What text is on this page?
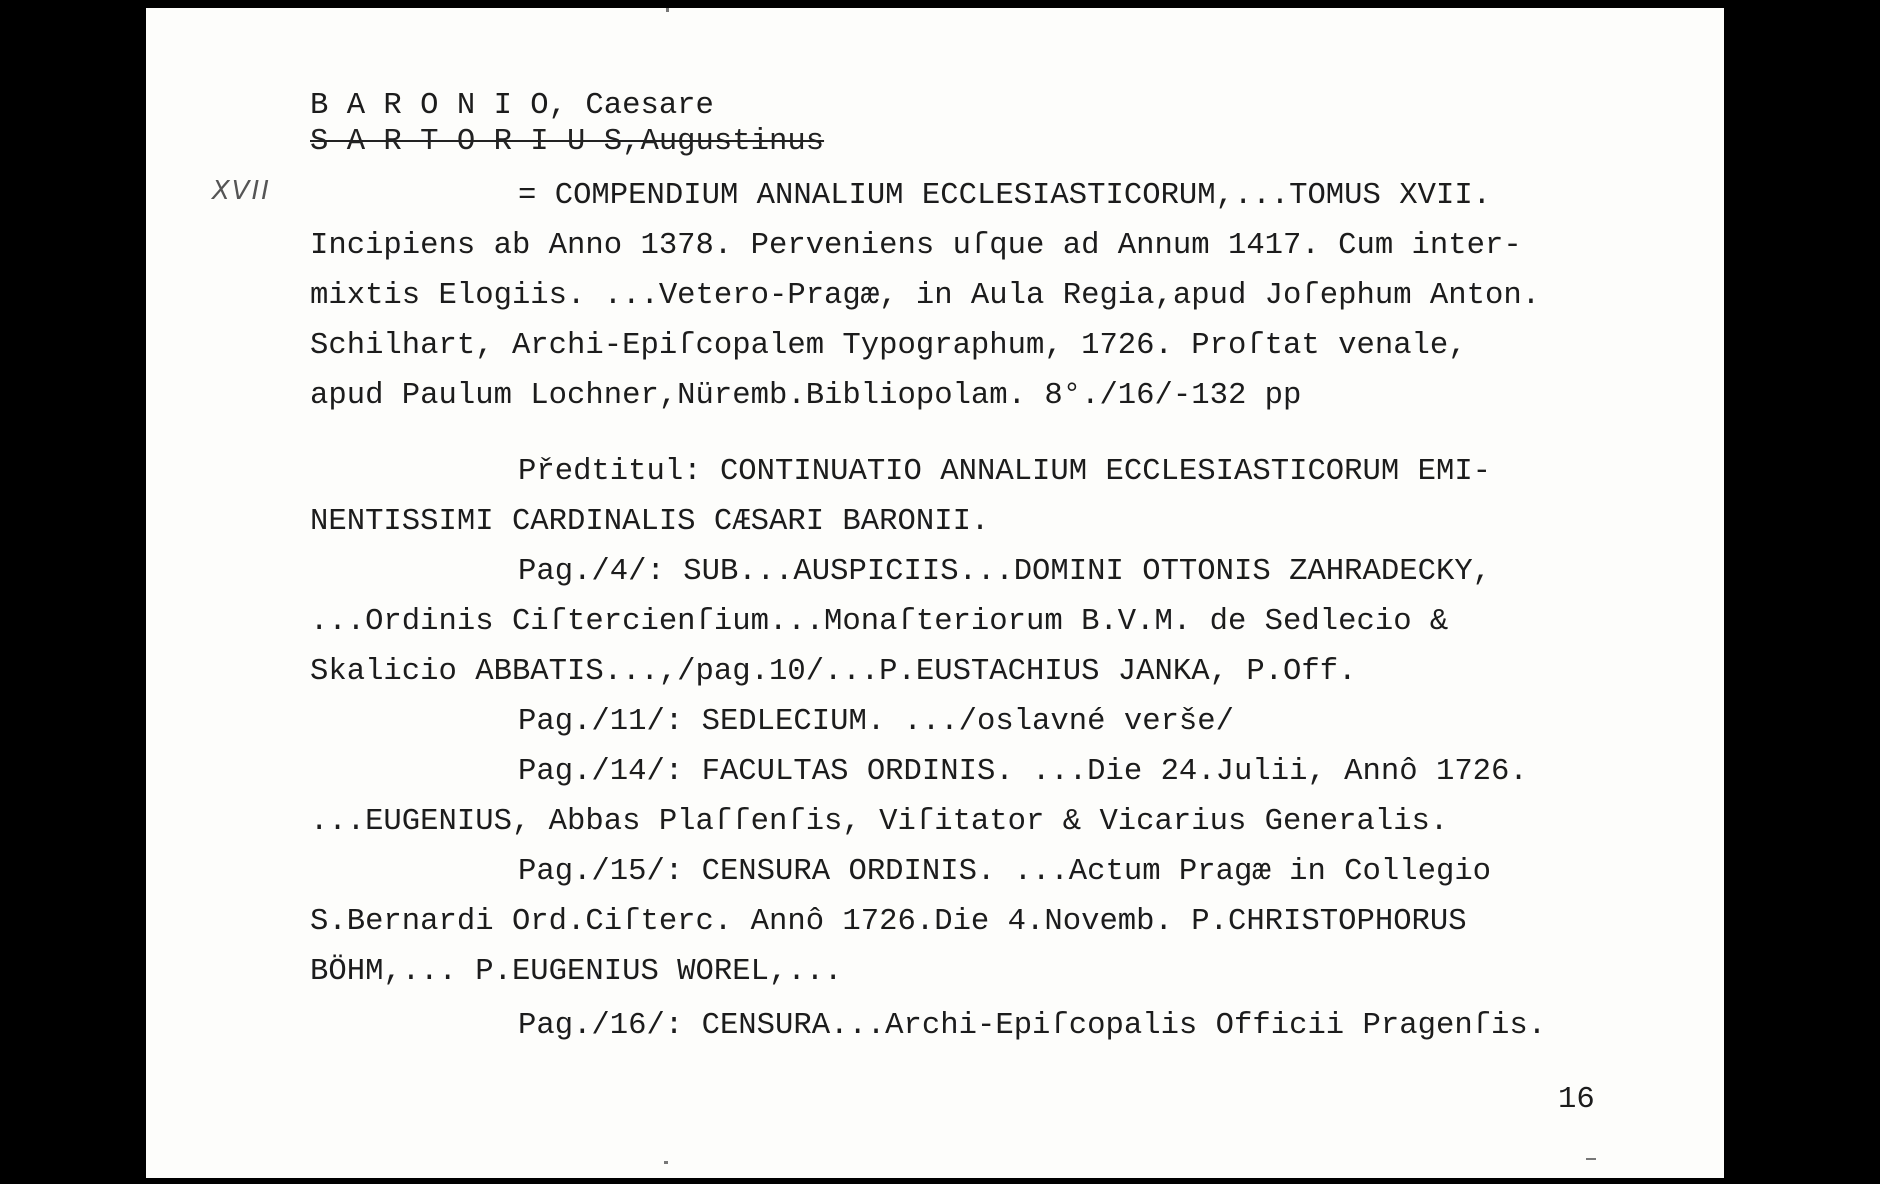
B A R O N I O, Caesare
S A R T O R I U S,Augustinus
XVII	= COMPENDIUM ANNALIUM ECCLESIASTICORUM,...TOMUS XVII.
Incipiens ab Anno 1378. Perveniens uſque ad Annum 1417. Cum inter-
mixtis Elogiis. ...Vetero-Pragæ, in Aula Regia,apud Joſephum Anton.
Schilhart, Archi-Epiſcopalem Typographum, 1726. Proſtat venale,
apud Paulum Lochner,Nüremb.Bibliopolam. 8°./16/-132 pp
Předtitul: CONTINUATIO ANNALIUM ECCLESIASTICORUM EMI-
NENTISSIMI CARDINALIS CÆSARI BARONII.
Pag./4/: SUB...AUSPICIIS...DOMINI OTTONIS ZAHRADECKY,
...Ordinis Ciſtercienſium...Monaſteriorum B.V.M. de Sedlecio &
Skalicio ABBATIS...,/pag.10/...P.EUSTACHIUS JANKA, P.Off.
Pag./11/: SEDLECIUM. .../oslavné verše/
Pag./14/: FACULTAS ORDINIS. ...Die 24.Julii, Annô 1726.
...EUGENIUS, Abbas Plaſſenſis, Viſitator & Vicarius Generalis.
Pag./15/: CENSURA ORDINIS. ...Actum Pragæ in Collegio
S.Bernardi Ord.Ciſterc. Annô 1726.Die 4.Novemb. P.CHRISTOPHORUS
BÖHM,... P.EUGENIUS WOREL,...
Pag./16/: CENSURA...Archi-Epiſcopalis Officii Pragenſis.
16
